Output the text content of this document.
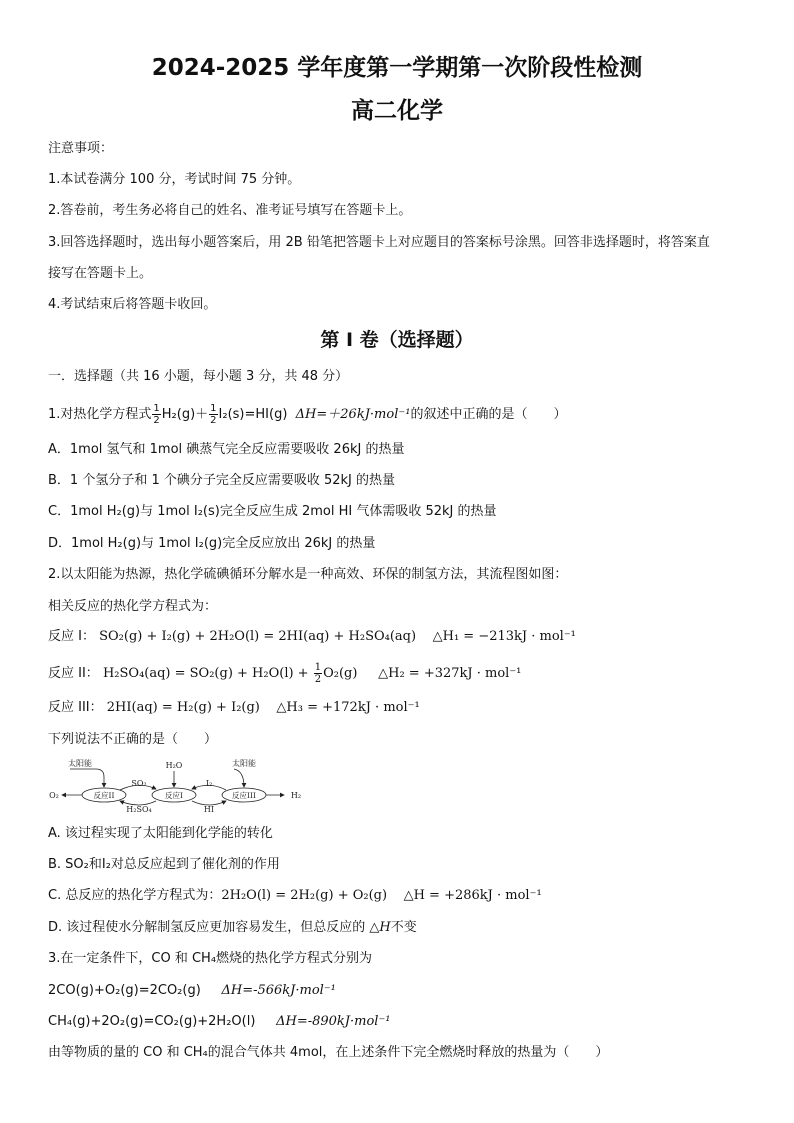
2024-2025 学年度第一学期第一次阶段性检测
高二化学
注意事项：
1.本试卷满分 100 分，考试时间 75 分钟。
2.答卷前，考生务必将自己的姓名、准考证号填写在答题卡上。
3.回答选择题时，选出每小题答案后，用 2B 铅笔把答题卡上对应题目的答案标号涂黑。回答非选择题时，将答案直
接写在答题卡上。
4.考试结束后将答题卡收回。
第 I 卷（选择题）
一．选择题（共 16 小题，每小题 3 分，共 48 分）
1.对热化学方程式 $\frac{1}{2} H_2(g)+ \frac{1}{2} I_2(s)=HI(g)$ ΔH=＋26kJ·mol⁻¹的叙述中正确的是（　　）
A．1mol 氢气和 1mol 碘蒸气完全反应需要吸收 26kJ 的热量
B．1 个氢分子和 1 个碘分子完全反应需要吸收 52kJ 的热量
C．1mol H₂(g)与 1mol I₂(s)完全反应生成 2mol HI 气体需吸收 52kJ 的热量
D．1mol H₂(g)与 1mol I₂(g)完全反应放出 26kJ 的热量
2.以太阳能为热源，热化学硫碘循环分解水是一种高效、环保的制氢方法，其流程图如图：
相关反应的热化学方程式为：
反应 I： SO₂(g) + I₂(g) + 2H₂O(l) = 2HI(aq) + H₂SO₄(aq) △H₁ = −213kJ · mol⁻¹
反应 II： $H_2SO_4(aq) = SO_2(g) + H_2O(l) + \frac{1}{2} O_2(g)$ △H₂ = +327kJ · mol⁻¹
反应 III： 2HI(aq) = H₂(g) + I₂(g) △H₃ = +172kJ · mol⁻¹
下列说法不正确的是（　　）
太阳能	H₂O	太阳能
O₂	H₂
SO₂
H₂SO₄
I₂
HI
反应II	反应I	反应III
A. 该过程实现了太阳能到化学能的转化
B. SO₂和I₂对总反应起到了催化剂的作用
C. 总反应的热化学方程式为：2H₂O(l) = 2H₂(g) + O₂(g) △H = +286kJ · mol⁻¹
D. 该过程使水分解制氢反应更加容易发生，但总反应的 △H不变
3.在一定条件下，CO 和 CH₄燃烧的热化学方程式分别为
2CO(g)+O₂(g)=2CO₂(g) ΔH=-566kJ·mol⁻¹
CH₄(g)+2O₂(g)=CO₂(g)+2H₂O(l) ΔH=-890kJ·mol⁻¹
由等物质的量的 CO 和 CH₄的混合气体共 4mol，在上述条件下完全燃烧时释放的热量为（　　）
